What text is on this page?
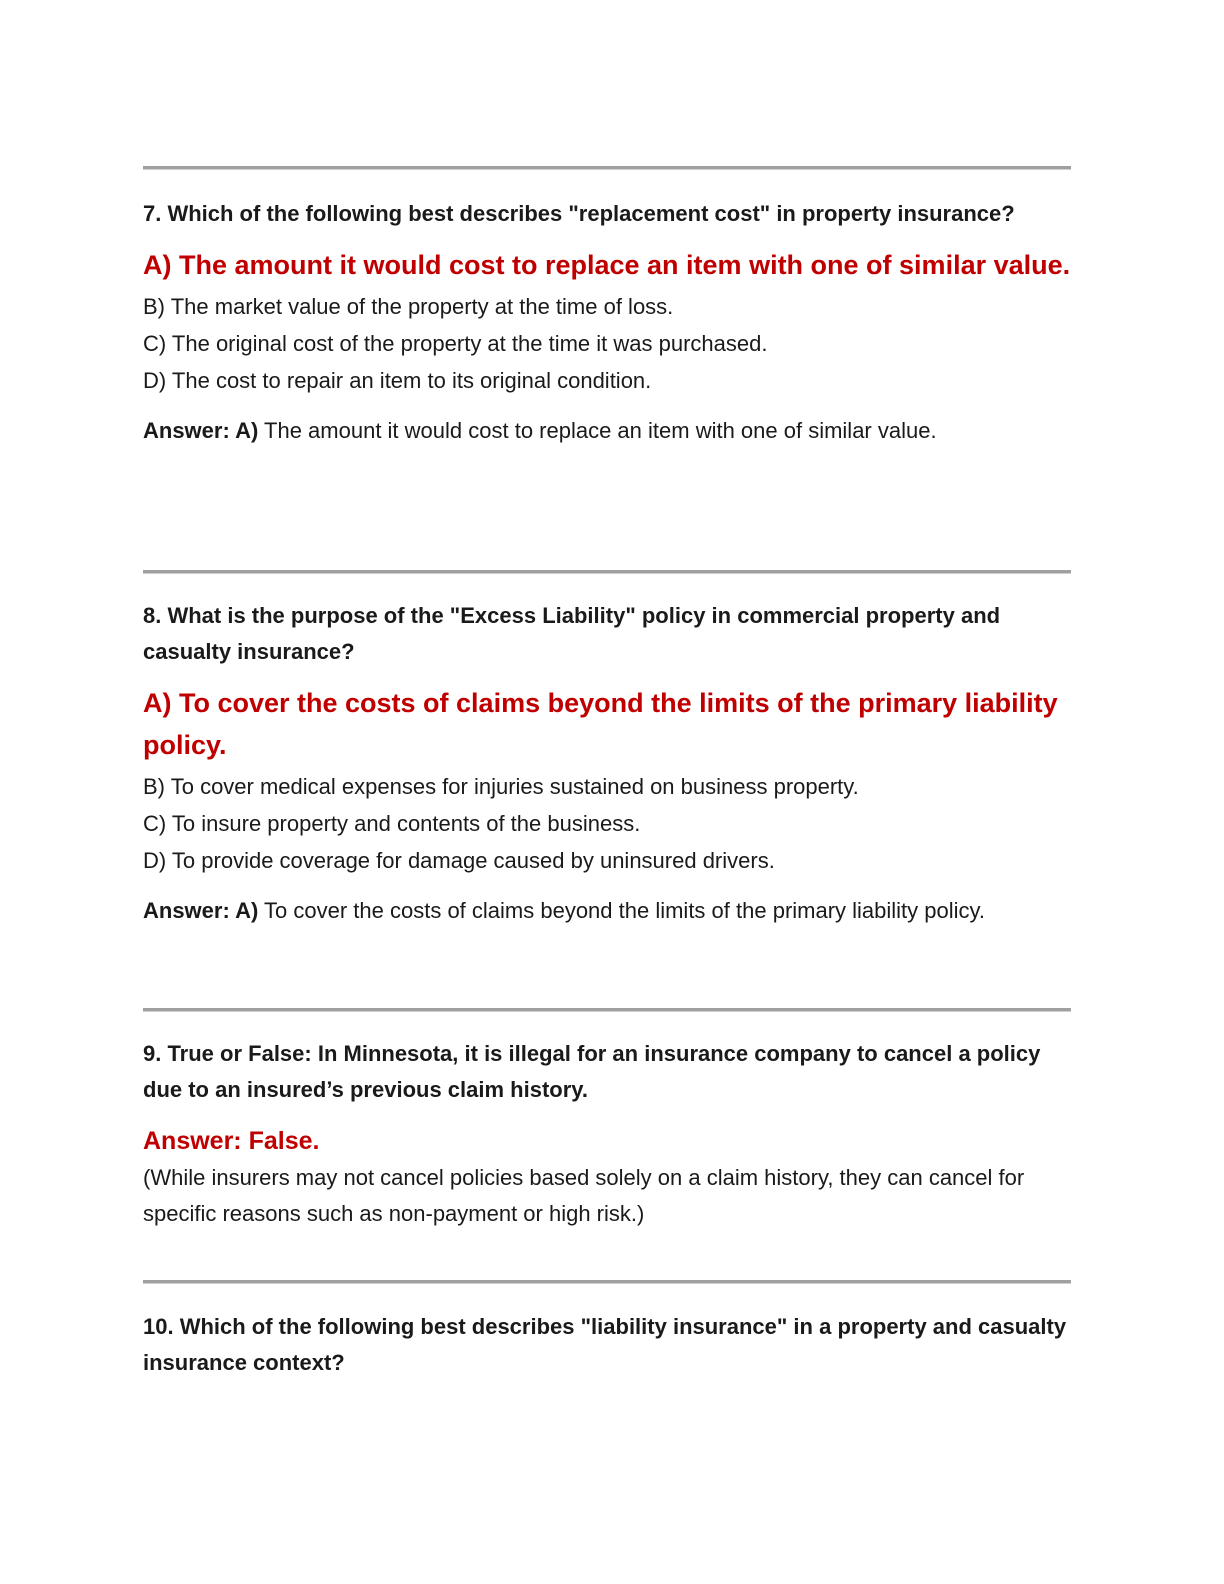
7. Which of the following best describes "replacement cost" in property insurance?

A) The amount it would cost to replace an item with one of similar value.

B) The market value of the property at the time of loss.

C) The original cost of the property at the time it was purchased.

D) The cost to repair an item to its original condition.

Answer: A) The amount it would cost to replace an item with one of similar value.

8. What is the purpose of the "Excess Liability" policy in commercial property and casualty insurance?

A) To cover the costs of claims beyond the limits of the primary liability policy.

B) To cover medical expenses for injuries sustained on business property.

C) To insure property and contents of the business.

D) To provide coverage for damage caused by uninsured drivers.

Answer: A) To cover the costs of claims beyond the limits of the primary liability policy.

9. True or False: In Minnesota, it is illegal for an insurance company to cancel a policy due to an insured’s previous claim history.

Answer: False.

(While insurers may not cancel policies based solely on a claim history, they can cancel for specific reasons such as non-payment or high risk.)

10. Which of the following best describes "liability insurance" in a property and casualty insurance context?
